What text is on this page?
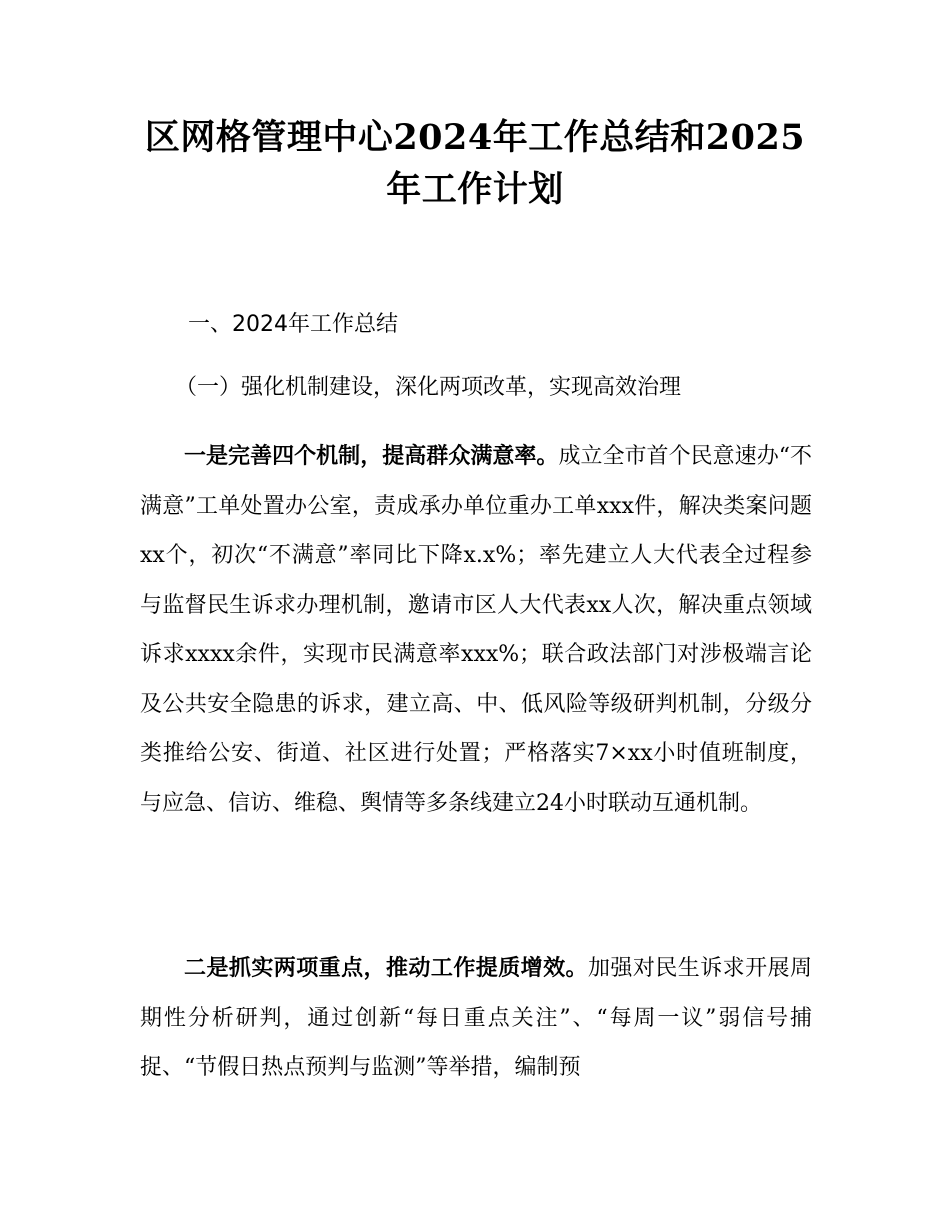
区网格管理中心2024年工作总结和2025年工作计划
一、2024年工作总结
（一）强化机制建设，深化两项改革，实现高效治理

一是完善四个机制，提高群众满意率。成立全市首个民意速办“不满意”工单处置办公室，责成承办单位重办工单xxx件，解决类案问题xx个，初次“不满意”率同比下降x.x%；率先建立人大代表全过程参与监督民生诉求办理机制，邀请市区人大代表xx人次，解决重点领域诉求xxxx余件，实现市民满意率xxx%；联合政法部门对涉极端言论及公共安全隐患的诉求，建立高、中、低风险等级研判机制，分级分类推给公安、街道、社区进行处置；严格落实7×xx小时值班制度，与应急、信访、维稳、舆情等多条线建立24小时联动互通机制。

二是抓实两项重点，推动工作提质增效。加强对民生诉求开展周期性分析研判，通过创新“每日重点关注”、“每周一议”弱信号捕捉、“节假日热点预判与监测”等举措，编制预
